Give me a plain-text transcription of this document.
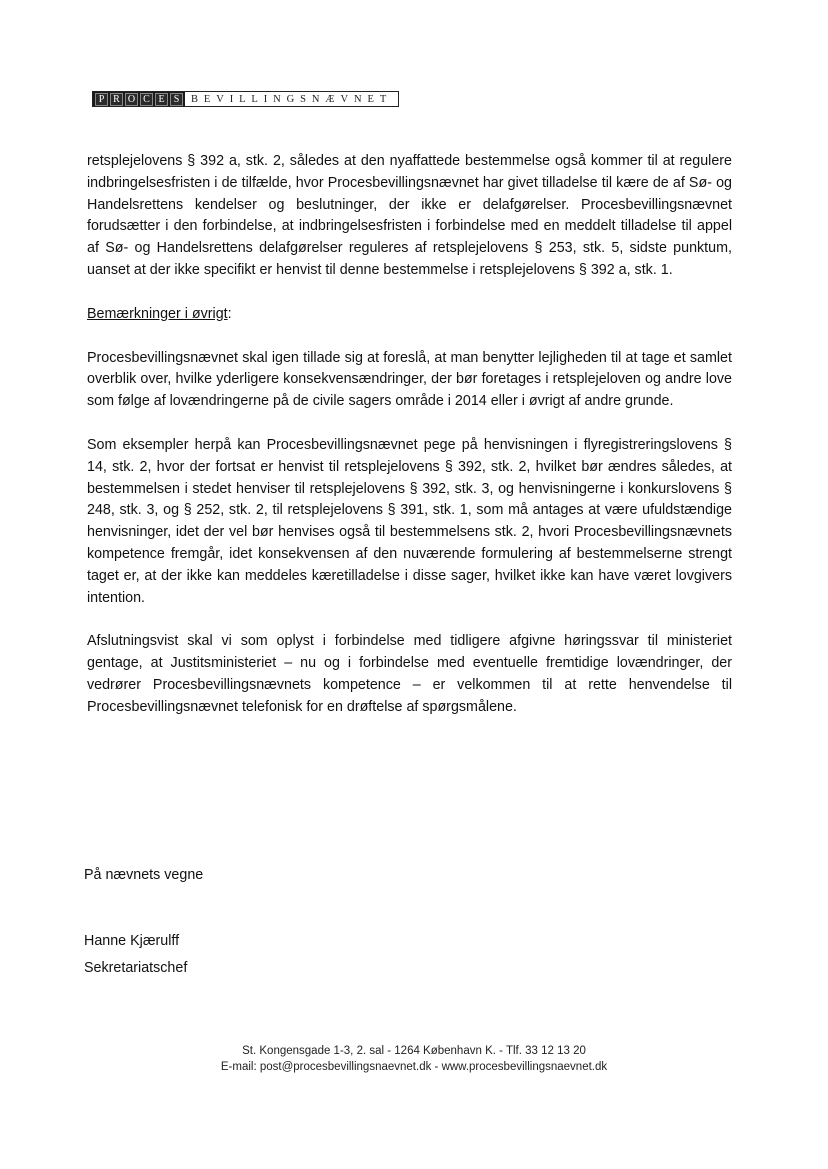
P R O C E S	BEVILLINGSNÆVNET

retsplejelovens § 392 a, stk. 2, således at den nyaffattede bestemmelse også kommer til at regulere indbringelsesfristen i de tilfælde, hvor Procesbevillingsnævnet har givet tilladelse til kære de af Sø- og Handelsrettens kendelser og beslutninger, der ikke er delafgørelser. Procesbevillingsnævnet forudsætter i den forbindelse, at indbringelsesfristen i forbindelse med en meddelt tilladelse til appel af Sø- og Handelsrettens delafgørelser reguleres af retsplejelovens § 253, stk. 5, sidste punktum, uanset at der ikke specifikt er henvist til denne bestemmelse i retsplejelovens § 392 a, stk. 1.

Bemærkninger i øvrigt:

Procesbevillingsnævnet skal igen tillade sig at foreslå, at man benytter lejligheden til at tage et samlet overblik over, hvilke yderligere konsekvensændringer, der bør foretages i retsplejeloven og andre love som følge af lovændringerne på de civile sagers område i 2014 eller i øvrigt af andre grunde.

Som eksempler herpå kan Procesbevillingsnævnet pege på henvisningen i flyregistreringslovens § 14, stk. 2, hvor der fortsat er henvist til retsplejelovens § 392, stk. 2, hvilket bør ændres således, at bestemmelsen i stedet henviser til retsplejelovens § 392, stk. 3, og henvisningerne i konkurslovens § 248, stk. 3, og § 252, stk. 2, til retsplejelovens § 391, stk. 1, som må antages at være ufuldstændige henvisninger, idet der vel bør henvises også til bestemmelsens stk. 2, hvori Procesbevillingsnævnets kompetence fremgår, idet konsekvensen af den nuværende formulering af bestemmelserne strengt taget er, at der ikke kan meddeles kæretilladelse i disse sager, hvilket ikke kan have været lovgivers intention.

Afslutningsvist skal vi som oplyst i forbindelse med tidligere afgivne høringssvar til ministeriet gentage, at Justitsministeriet – nu og i forbindelse med eventuelle fremtidige lovændringer, der vedrører Procesbevillingsnævnets kompetence – er velkommen til at rette henvendelse til Procesbevillingsnævnet telefonisk for en drøftelse af spørgsmålene.

På nævnets vegne
Hanne Kjærulff
Sekretariatschef
St. Kongensgade 1-3, 2. sal - 1264 København K. - Tlf. 33 12 13 20
E-mail: post@procesbevillingsnaevnet.dk - www.procesbevillingsnaevnet.dk
